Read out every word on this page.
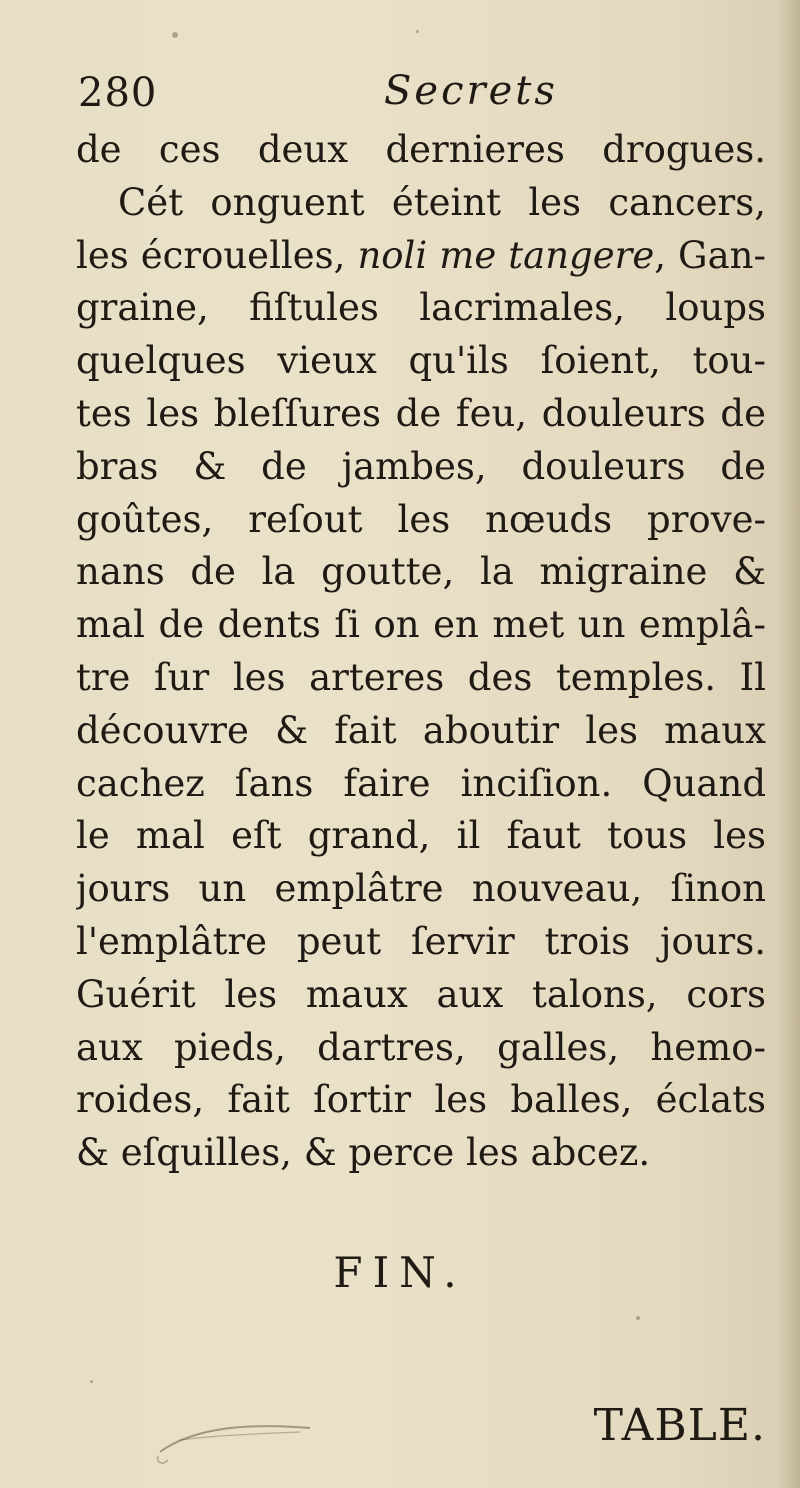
280	Secrets
de ces deux dernieres drogues.
Cét onguent éteint les cancers,
les écrouelles, noli me tangere, Gan-
graine, fiſtules lacrimales, loups
quelques vieux qu'ils ſoient, tou-
tes les bleſſures de feu, douleurs de
bras & de jambes, douleurs de
goûtes, reſout les nœuds prove-
nans de la goutte, la migraine &
mal de dents ſi on en met un emplâ-
tre ſur les arteres des temples. Il
découvre & fait aboutir les maux
cachez ſans faire inciſion. Quand
le mal eſt grand, il faut tous les
jours un emplâtre nouveau, ſinon
l'emplâtre peut ſervir trois jours.
Guérit les maux aux talons, cors
aux pieds, dartres, galles, hemo-
roides, fait ſortir les balles, éclats
& eſquilles, & perce les abcez.
FIN.
TABLE.
